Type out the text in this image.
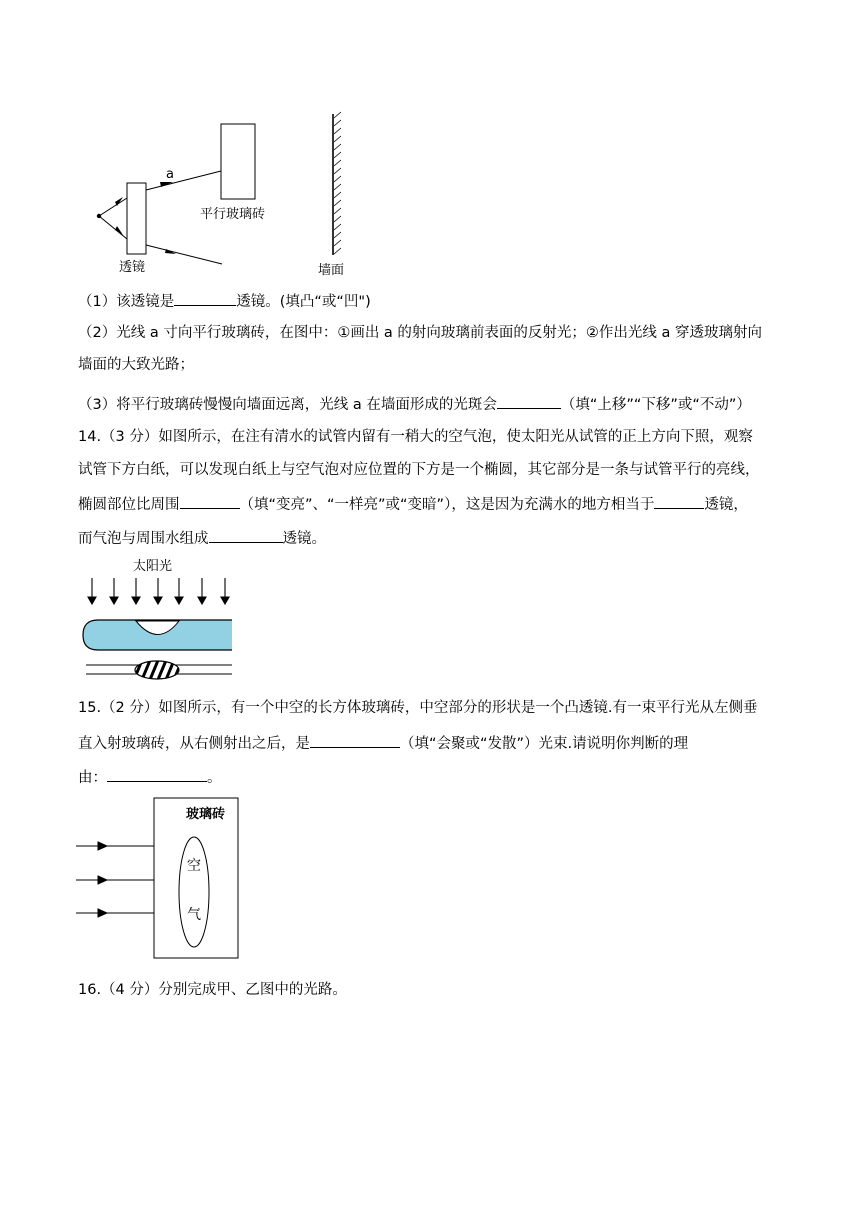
a
平行玻璃砖
透镜	墙面
（1）该透镜是	透镜。(填凸“或“凹")
（2）光线 a 寸向平行玻璃砖，在图中：①画出 a 的射向玻璃前表面的反射光；②作出光线 a 穿透玻璃射向
墙面的大致光路；
（3）将平行玻璃砖慢慢向墙面远离，光线 a 在墙面形成的光斑会	（填“上移”“下移”或“不动”）
14.（3 分）如图所示，在注有清水的试管内留有一稍大的空气泡，使太阳光从试管的正上方向下照，观察
试管下方白纸，可以发现白纸上与空气泡对应位置的下方是一个椭圆，其它部分是一条与试管平行的亮线，
椭圆部位比周围	（填“变亮”、“一样亮”或“变暗”），这是因为充满水的地方相当于	透镜，
而气泡与周围水组成	透镜。
太阳光
15.（2 分）如图所示，有一个中空的长方体玻璃砖，中空部分的形状是一个凸透镜.有一束平行光从左侧垂
直入射玻璃砖，从右侧射出之后，是	（填“会聚或“发散”）光束.请说明你判断的理
由：	。
玻璃砖
空
气
16.（4 分）分别完成甲、乙图中的光路。
